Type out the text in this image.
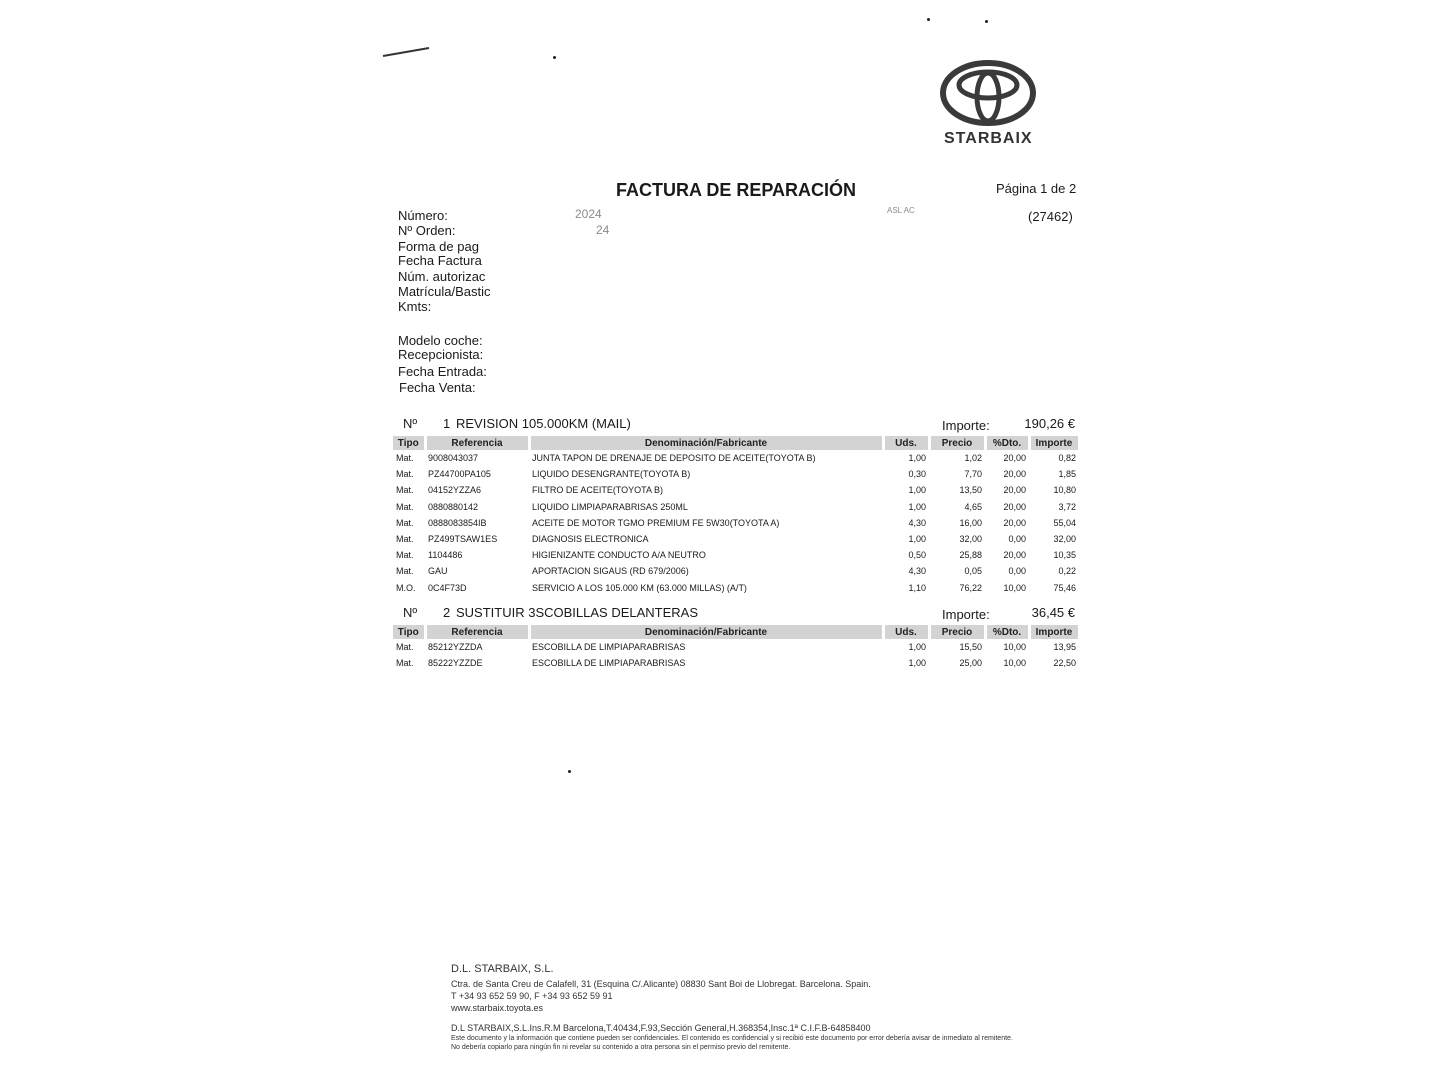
STARBAIX
FACTURA DE REPARACIÓN	Página 1 de 2
(27462)
2024
24
ASL AC
Número:
Nº Orden:
Forma de pag
Fecha Factura
Núm. autorizac
Matrícula/Bastic
Kmts:
Modelo coche:
Recepcionista:
Fecha Entrada:
Fecha Venta:
Nº 1 REVISION 105.000KM (MAIL)	Importe:	190,26 €
Tipo	Referencia	Denominación/Fabricante	Uds.	Precio	%Dto.	Importe
Mat.	9008043037	JUNTA TAPON DE DRENAJE DE DEPOSITO DE ACEITE(TOYOTA B)	1,00	1,02	20,00	0,82
Mat.	PZ44700PA105	LIQUIDO DESENGRANTE(TOYOTA B)	0,30	7,70	20,00	1,85
Mat.	04152YZZA6	FILTRO DE ACEITE(TOYOTA B)	1,00	13,50	20,00	10,80
Mat.	0880880142	LIQUIDO LIMPIAPARABRISAS 250ML	1,00	4,65	20,00	3,72
Mat.	0888083854IB	ACEITE DE MOTOR TGMO PREMIUM FE 5W30(TOYOTA A)	4,30	16,00	20,00	55,04
Mat.	PZ499TSAW1ES	DIAGNOSIS ELECTRONICA	1,00	32,00	0,00	32,00
Mat.	1104486	HIGIENIZANTE CONDUCTO A/A NEUTRO	0,50	25,88	20,00	10,35
Mat.	GAU	APORTACION SIGAUS (RD 679/2006)	4,30	0,05	0,00	0,22
M.O.	0C4F73D	SERVICIO A LOS 105.000 KM (63.000 MILLAS) (A/T)	1,10	76,22	10,00	75,46
Nº 2 SUSTITUIR 3SCOBILLAS DELANTERAS	Importe:	36,45 €
Tipo	Referencia	Denominación/Fabricante	Uds.	Precio	%Dto.	Importe
Mat.	85212YZZDA	ESCOBILLA DE LIMPIAPARABRISAS	1,00	15,50	10,00	13,95
Mat.	85222YZZDE	ESCOBILLA DE LIMPIAPARABRISAS	1,00	25,00	10,00	22,50
D.L. STARBAIX, S.L.
Ctra. de Santa Creu de Calafell, 31 (Esquina C/.Alicante) 08830 Sant Boi de Llobregat. Barcelona. Spain.
T +34 93 652 59 90, F +34 93 652 59 91
www.starbaix.toyota.es
D.L STARBAIX,S.L.Ins.R.M Barcelona,T.40434,F.93,Sección General,H.368354,Insc.1ª C.I.F.B-64858400
Este documento y la información que contiene pueden ser confidenciales. El contenido es confidencial y si recibió este documento por error debería avisar de inmediato al remitente.
No debería copiarlo para ningún fin ni revelar su contenido a otra persona sin el permiso previo del remitente.
